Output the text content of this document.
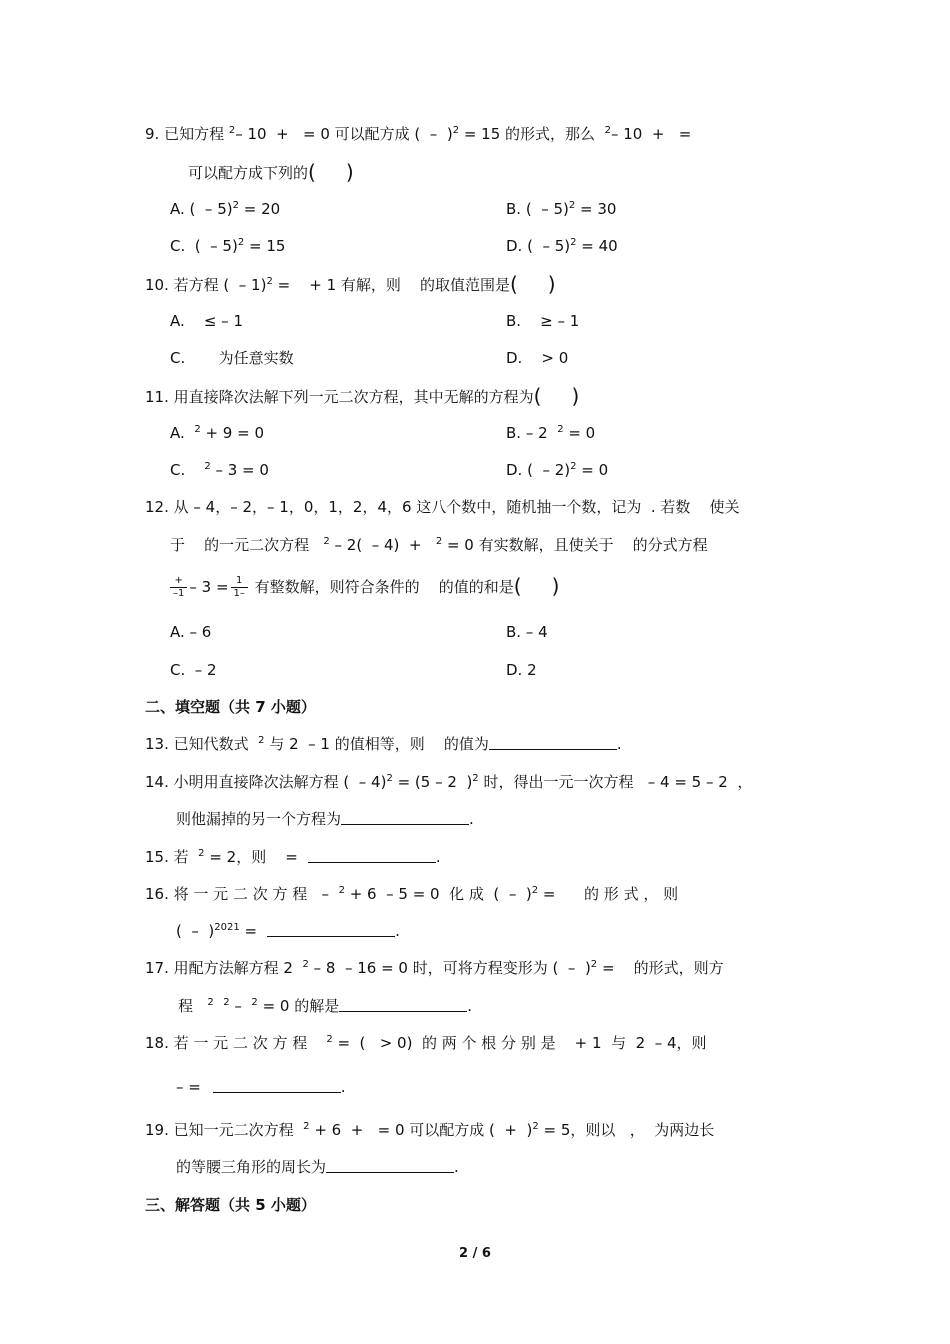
9. 已知方程 $^2$– 10  +   = 0 可以配方成 (  –  )$^2$ = 15 的形式，那么  $^2$– 10  +   =
可以配方成下列的( )
A. (  – 5)$^2$ = 20	B. (  – 5)$^2$ = 30
C.  (  – 5)$^2$ = 15	D. (  – 5)$^2$ = 40
10. 若方程 (  – 1)$^2$ =    + 1 有解，则    的取值范围是( )
A.    ≤ – 1	B.    ≥ – 1
C.       为任意实数	D.    > 0
11. 用直接降次法解下列一元二次方程，其中无解的方程为( )
A.  $^2$ + 9 = 0	B. – 2  $^2$ = 0
C.    $^2$ – 3 = 0	D. (  – 2)$^2$ = 0
12. 从 – 4，– 2，– 1，0，1，2，4，6 这八个数中，随机抽一个数，记为  . 若数    使关
于    的一元二次方程   $^2$ – 2(  – 4)  +   $^2$ = 0 有实数解，且使关于    的分式方程
$\frac{+}{-1} - 3 = \frac{1}{1-}$ 有整数解，则符合条件的    的值的和是( )
A. – 6	B. – 4
C.  – 2	D. 2
二、填空题（共 7 小题）
13. 已知代数式  $^2$ 与 2  – 1 的值相等，则    的值为	.
14. 小明用直接降次法解方程 (  – 4)$^2$ = (5 – 2  )$^2$ 时，得出一元一次方程   – 4 = 5 – 2  ，
则他漏掉的另一个方程为	.
15. 若  $^2$ = 2，则    =	.
16. 将 一 元 二 次 方 程   –  $^2$ + 6  – 5 = 0  化 成  (  –  )$^2$ =      的 形 式 ， 则
(  –  )$^{2021}$ =	.
17. 用配方法解方程 2  $^2$ – 8  – 16 = 0 时，可将方程变形为 (  –  )$^2$ =    的形式，则方
程   $^2$ $^2$ –  $^2$ = 0 的解是	.
18. 若 一 元 二 次 方 程    $^2$ =  (   > 0)  的 两 个 根 分 别 是    + 1  与  2  – 4，则
– =	.
19. 已知一元二次方程  $^2$ + 6  +   = 0 可以配方成 (  +  )$^2$ = 5，则以   ，  为两边长
的等腰三角形的周长为	.
三、解答题（共 5 小题）
2 / 6
